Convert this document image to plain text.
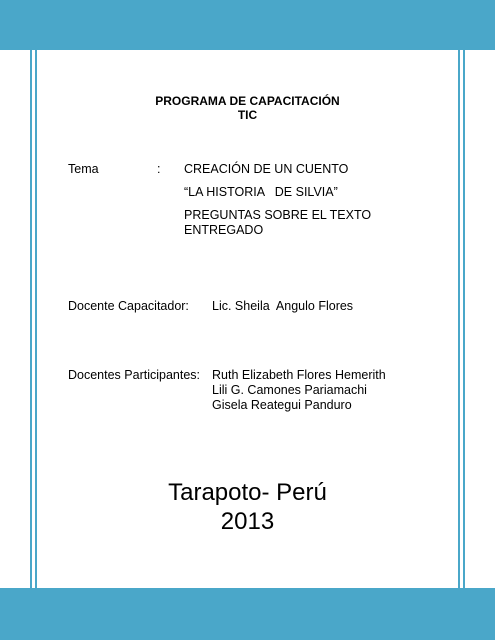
PROGRAMA DE CAPACITACIÓN
TIC
Tema	: CREACIÓN DE UN CUENTO
“LA HISTORIA   DE SILVIA”
PREGUNTAS SOBRE EL TEXTO ENTREGADO
Docente Capacitador: Lic. Sheila  Angulo Flores
Docentes Participantes: Ruth Elizabeth Flores Hemerith
Lili G. Camones Pariamachi
Gisela Reategui Panduro
Tarapoto- Perú
2013
